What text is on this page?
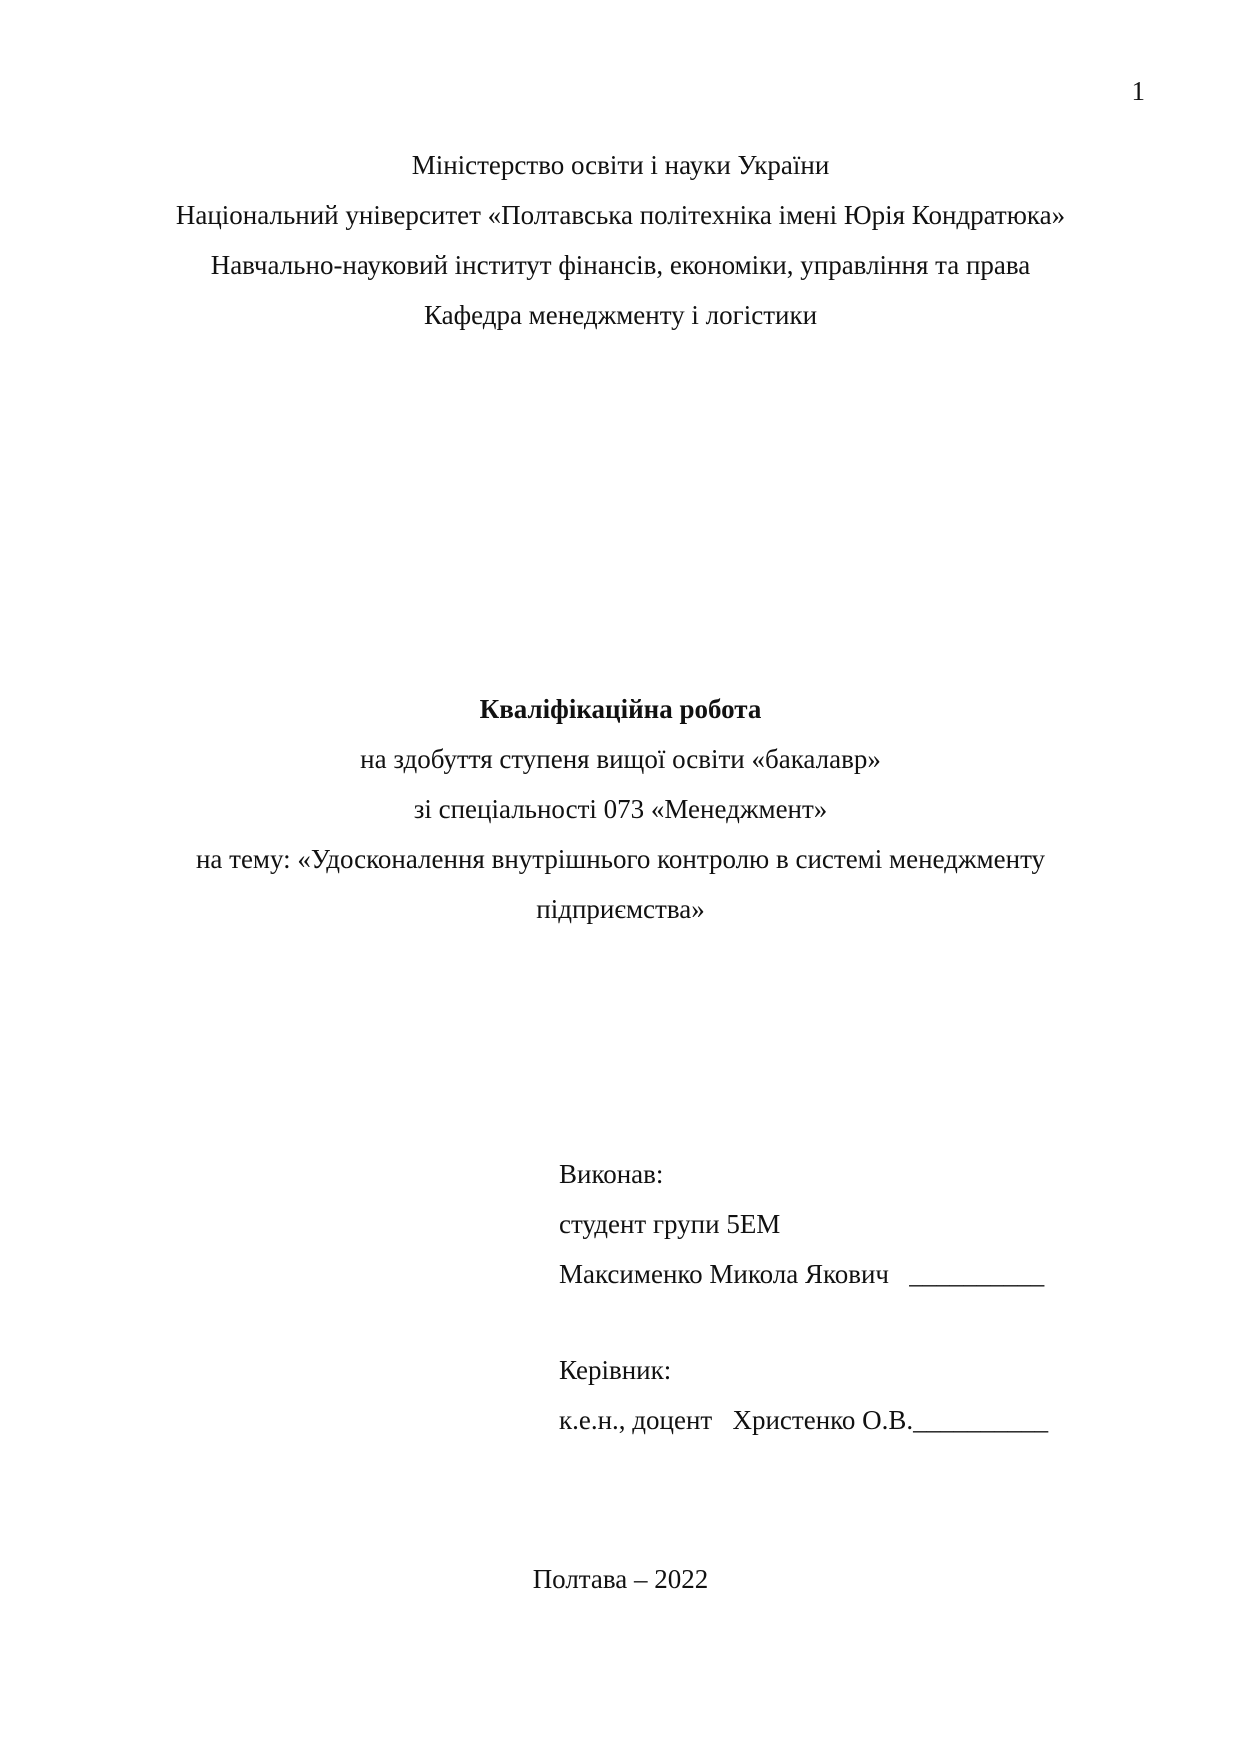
1
Міністерство освіти і науки України
Національний університет «Полтавська політехніка імені Юрія Кондратюка»
Навчально-науковий інститут фінансів, економіки, управління та права
Кафедра менеджменту і логістики
Кваліфікаційна робота
на здобуття ступеня вищої освіти «бакалавр»
зі спеціальності 073 «Менеджмент»
на тему: «Удосконалення внутрішнього контролю в системі менеджменту
підприємства»
Виконав:
студент групи 5ЕМ
Максименко Микола Якович __________
Керівник:
к.е.н., доцент Христенко О.В.__________
Полтава – 2022
